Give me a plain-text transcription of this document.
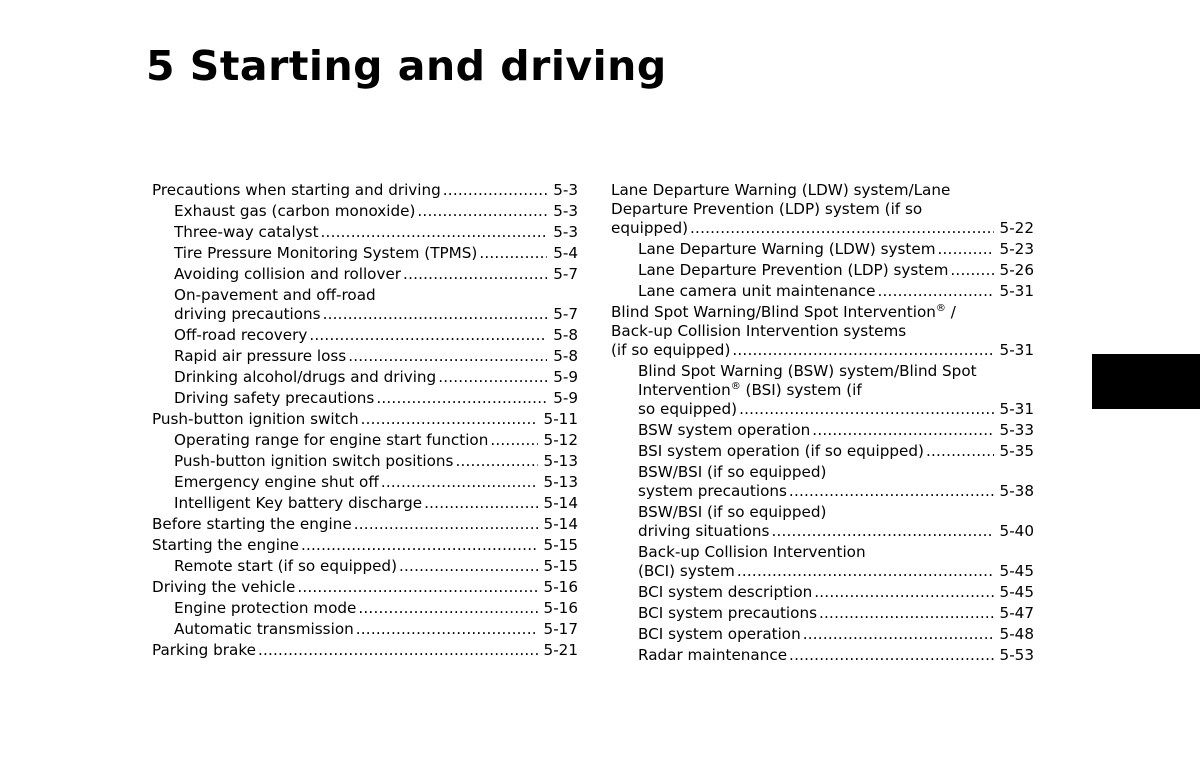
5 Starting and driving
Precautions when starting and driving .....	5-3
Exhaust gas (carbon monoxide) .....	5-3
Three-way catalyst .....	5-3
Tire Pressure Monitoring System (TPMS) .....	5-4
Avoiding collision and rollover .....	5-7
On-pavement and off-road
driving precautions .....	5-7
Off-road recovery .....	5-8
Rapid air pressure loss .....	5-8
Drinking alcohol/drugs and driving .....	5-9
Driving safety precautions .....	5-9
Push-button ignition switch .....	5-11
Operating range for engine start function .....	5-12
Push-button ignition switch positions .....	5-13
Emergency engine shut off .....	5-13
Intelligent Key battery discharge .....	5-14
Before starting the engine .....	5-14
Starting the engine .....	5-15
Remote start (if so equipped) .....	5-15
Driving the vehicle .....	5-16
Engine protection mode .....	5-16
Automatic transmission .....	5-17
Parking brake .....	5-21
Lane Departure Warning (LDW) system/Lane
Departure Prevention (LDP) system (if so
equipped) .....	5-22
Lane Departure Warning (LDW) system .....	5-23
Lane Departure Prevention (LDP) system .....	5-26
Lane camera unit maintenance .....	5-31
Blind Spot Warning/Blind Spot Intervention® /
Back-up Collision Intervention systems
(if so equipped) .....	5-31
Blind Spot Warning (BSW) system/Blind Spot
Intervention® (BSI) system (if
so equipped) .....	5-31
BSW system operation .....	5-33
BSI system operation (if so equipped) .....	5-35
BSW/BSI (if so equipped)
system precautions .....	5-38
BSW/BSI (if so equipped)
driving situations .....	5-40
Back-up Collision Intervention
(BCI) system .....	5-45
BCI system description .....	5-45
BCI system precautions .....	5-47
BCI system operation .....	5-48
Radar maintenance .....	5-53
